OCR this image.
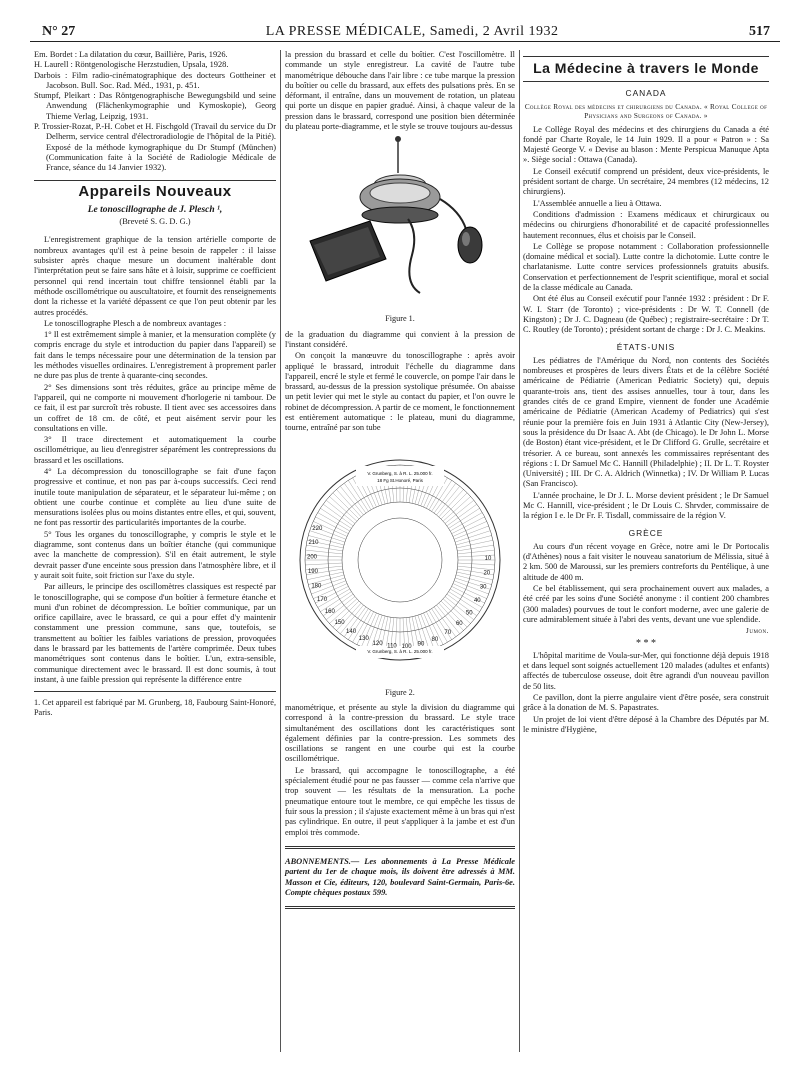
N° 27	LA PRESSE MÉDICALE, Samedi, 2 Avril 1932	517

Em. Bordet : La dilatation du cœur, Baillière, Paris, 1926.

H. Laurell : Röntgenologische Herzstudien, Upsala, 1928.

Darbois : Film radio-cinématographique des docteurs Gottheiner et Jacobson. Bull. Soc. Rad. Méd., 1931, p. 451.

Stumpf, Pleikart : Das Röntgenographische Bewegungsbild und seine Anwendung (Flächenkymographie und Kymoskopie), Georg Thieme Verlag, Leipzig, 1931.

P. Trossier-Rozat, P.-H. Cobet et H. Fischgold (Travail du service du Dr Delherm, service central d'électroradiologie de l'hôpital de la Pitié). Exposé de la méthode kymographique du Dr Stumpf (München) (Communication faite à la Société de Radiologie Médicale de France, séance du 14 Janvier 1932).

Appareils Nouveaux
Le tonoscillographe de J. Plesch ¹,
(Breveté S. G. D. G.)

L'enregistrement graphique de la tension artérielle comporte de nombreux avantages qu'il est à peine besoin de rappeler : il laisse subsister après chaque mesure un document inaltérable dont l'interprétation peut se faire sans hâte et à loisir, supprime ce coefficient personnel qui rend incertain tout chiffre tensionnel établi par la méthode oscillométrique ou auscultatoire, et fournit des renseignements dont la richesse et la variété dépassent ce que l'on peut obtenir par les autres procédés.

Le tonoscillographe Plesch a de nombreux avantages :

1° Il est extrêmement simple à manier, et la mensuration complète (y compris encrage du style et introduction du papier dans l'appareil) se fait dans le temps nécessaire pour une détermination de la tension par les méthodes visuelles ordinaires. L'enregistrement à proprement parler ne dure pas plus de trente à quarante-cinq secondes.

2° Ses dimensions sont très réduites, grâce au principe même de l'appareil, qui ne comporte ni mouvement d'horlogerie ni tambour. De ce fait, il est par surcroît très robuste. Il tient avec ses accessoires dans un coffret de 18 cm. de côté, et peut aisément servir pour les consultations en ville.

3° Il trace directement et automatiquement la courbe oscillométrique, au lieu d'enregistrer séparément les contrepressions du brassard et les oscillations.

4° La décompression du tonoscillographe se fait d'une façon progressive et continue, et non pas par à-coups successifs. Ceci rend inutile toute manipulation de séparateur, et le séparateur lui-même ; on obtient une courbe continue et complète au lieu d'une suite de mensurations isolées plus ou moins distantes entre elles, et qui, souvent, ne font pas ressortir des particularités importantes de la courbe.

5° Tous les organes du tonoscillographe, y compris le style et le diagramme, sont contenus dans un boîtier étanche (qui communique avec la manchette de compression). S'il en était autrement, le style devrait passer d'une enceinte sous pression dans l'atmosphère libre, et il y aurait soit fuite, soit friction sur l'axe du style.

Par ailleurs, le principe des oscillomètres classiques est respecté par le tonoscillographe, qui se compose d'un boîtier à fermeture étanche et muni d'un robinet de décompression. Le boîtier communique, par un orifice capillaire, avec le brassard, ce qui a pour effet d'y maintenir constamment une pression commune, sans que, toutefois, se transmettent au boîtier les faibles variations de pression, provoquées dans le brassard par les battements de l'artère comprimée. Deux tubes manométriques sont contenus dans le boîtier. L'un, extra-sensible, communique directement avec le brassard. Il est donc soumis, à tout instant, à une faible pression qui représente la différence entre

1. Cet appareil est fabriqué par M. Grunberg, 18, Faubourg Saint-Honoré, Paris.

la pression du brassard et celle du boîtier. C'est l'oscillomètre. Il commande un style enregistreur. La cavité de l'autre tube manométrique débouche dans l'air libre : ce tube marque la pression du boîtier ou celle du brassard, aux effets des pulsations près. En se déformant, il entraîne, dans un mouvement de rotation, un plateau qui porte un disque en papier gradué. Ainsi, à chaque valeur de la pression dans le brassard, correspond une position bien déterminée du plateau porte-diagramme, et le style se trouve toujours au-dessus

Figure 1.

de la graduation du diagramme qui convient à la pression de l'instant considéré.

On conçoit la manœuvre du tonoscillographe : après avoir appliqué le brassard, introduit l'échelle du diagramme dans l'appareil, encré le style et fermé le couvercle, on pompe l'air dans le brassard, au-dessus de la pression systolique présumée. On abaisse un petit levier qui met le style au contact du papier, et l'on ouvre le robinet de décompression. A partir de ce moment, le fonctionnement est entièrement automatique : le plateau, muni du diagramme, tourne, entraîné par son tube

220
210
200
190
180
170
160
150
140
130
120 110 100 90
80
70
60
50
40
30
20
10
V. Grunberg, S. à R. L. 25.000 fr.
18 Fg St.Honoré, Paris
V. Grunberg, S. à R. L. 25.000 fr.
Figure 2.

manométrique, et présente au style la division du diagramme qui correspond à la contre-pression du brassard. Le style trace simultanément des oscillations dont les caractéristiques sont également définies par la contre-pression. Les sommets des oscillations se rangent en une courbe qui est la courbe oscillométrique.

Le brassard, qui accompagne le tonoscillographe, a été spécialement étudié pour ne pas fausser — comme cela n'arrive que trop souvent — les résultats de la mensuration. La poche pneumatique entoure tout le membre, ce qui empêche les tissus de fuir sous la pression ; il s'ajuste exactement même à un bras qui n'est pas cylindrique. En outre, il peut s'appliquer à la jambe et est d'un emploi très commode.

ABONNEMENTS.— Les abonnements à La Presse Médicale partent du 1er de chaque mois, ils doivent être adressés à MM. Masson et Cie, éditeurs, 120, boulevard Saint-Germain, Paris-6e. Compte chèques postaux 599.
La Médecine à travers le Monde
CANADA
Collège Royal des médecins et chirurgiens du Canada. « Royal College of Physicians and Surgeons of Canada. »

Le Collège Royal des médecins et des chirurgiens du Canada a été fondé par Charte Royale, le 14 Juin 1929. Il a pour « Patron » : Sa Majesté George V. « Devise au blason : Mente Perspicua Manuque Apta ». Siège social : Ottawa (Canada).

Le Conseil exécutif comprend un président, deux vice-présidents, le président sortant de charge. Un secrétaire, 24 membres (12 médecins, 12 chirurgiens).

L'Assemblée annuelle a lieu à Ottawa.

Conditions d'admission : Examens médicaux et chirurgicaux ou médecins ou chirurgiens d'honorabilité et de capacité professionnelles hautement reconnues, élus et choisis par le Conseil.

Le Collège se propose notamment : Collaboration professionnelle (domaine médical et social). Lutte contre la dichotomie. Lutte contre le charlatanisme. Lutte contre services professionnels gratuits abusifs. Conservation et perfectionnement de l'esprit scientifique, moral et social de la classe médicale au Canada.

Ont été élus au Conseil exécutif pour l'année 1932 : président : Dr F. W. I. Starr (de Toronto) ; vice-présidents : Dr W. T. Connell (de Kingston) ; Dr J. C. Dagneau (de Québec) ; registraire-secrétaire : Dr T. C. Routley (de Toronto) ; président sortant de charge : Dr J. C. Meakins.

ÉTATS-UNIS

Les pédiatres de l'Amérique du Nord, non contents des Sociétés nombreuses et prospères de leurs divers États et de la célèbre Société américaine de Pédiatrie (American Pediatric Society) qui, depuis quarante-trois ans, tient des assises annuelles, tour à tour, dans les grandes cités de ce grand Empire, viennent de fonder une Académie américaine de Pédiatrie (American Academy of Pediatrics) qui s'est réunie pour la première fois en Juin 1931 à Atlantic City (New-Jersey), sous la présidence du Dr Isaac A. Abt (de Chicago). le Dr John L. Morse (de Boston) étant vice-président, et le Dr Clifford G. Grulle, secrétaire et trésorier. A ce bureau, sont annexés les commissaires représentant des régions : I. Dr Samuel Mc C. Hannill (Philadelphie) ; II. Dr L. T. Royster (Université) ; III. Dr C. A. Aldrich (Winnetka) ; IV. Dr William P. Lucas (San Francisco).

L'année prochaine, le Dr J. L. Morse devient président ; le Dr Samuel Mc C. Hannill, vice-président ; le Dr Louis C. Shrvder, commissaire de la région I e. le Dr Fr. F. Tisdall, commissaire de la région V.

GRÈCE

Au cours d'un récent voyage en Grèce, notre ami le Dr Portocalis (d'Athènes) nous a fait visiter le nouveau sanatorium de Mélissia, situé à 2 km. 500 de Maroussi, sur les premiers contreforts du Pentélique, à une altitude de 400 m.

Ce bel établissement, qui sera prochainement ouvert aux malades, a été créé par les soins d'une Société anonyme : il contient 200 chambres (300 malades) pourvues de tout le confort moderne, avec une galerie de cure admirablement située à l'abri des vents, devant une vue splendide.

Jumon.
* * *

L'hôpital maritime de Voula-sur-Mer, qui fonctionne déjà depuis 1918 et dans lequel sont soignés actuellement 120 malades (adultes et enfants) affectés de tuberculose osseuse, doit être agrandi d'un nouveau pavillon de 50 lits.

Ce pavillon, dont la pierre angulaire vient d'être posée, sera construit grâce à la donation de M. S. Papastrates.

Un projet de loi vient d'être déposé à la Chambre des Députés par M. le ministre d'Hygiène,
